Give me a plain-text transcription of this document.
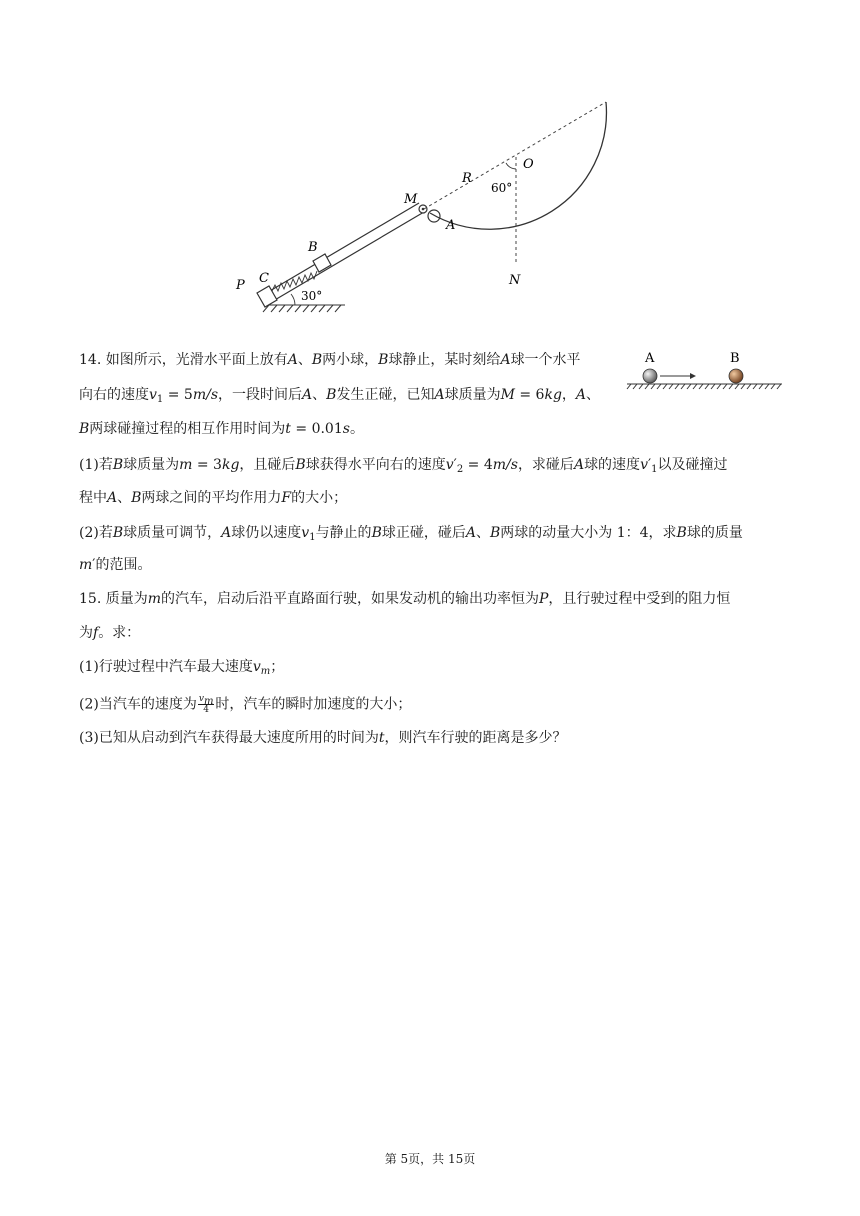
R
O
60°
M
A
B
C
P	N
30°
A	B
14. 如图所示，光滑水平面上放有A、B两小球，B球静止，某时刻给A球一个水平
向右的速度$v_1 = 5m/s$，一段时间后A、B发生正碰，已知A球质量为M = 6kg，A、
B两球碰撞过程的相互作用时间为t = 0.01s。
(1)若B球质量为m = 3kg，且碰后B球获得水平向右的速度$v'_2 = 4m/s$，求碰后A球的速度$v'_1$以及碰撞过
程中A、B两球之间的平均作用力F的大小；
(2)若B球质量可调节，A球仍以速度$v_1$与静止的B球正碰，碰后A、B两球的动量大小为 1：4，求B球的质量
m′的范围。
15. 质量为m的汽车，启动后沿平直路面行驶，如果发动机的输出功率恒为P，且行驶过程中受到的阻力恒
为f。求：
(1)行驶过程中汽车最大速度$v_m$；
(2)当汽车的速度为 $\frac{v_m}{4}$ 时，汽车的瞬时加速度的大小；
(3)已知从启动到汽车获得最大速度所用的时间为t，则汽车行驶的距离是多少？
第 5页，共 15页
